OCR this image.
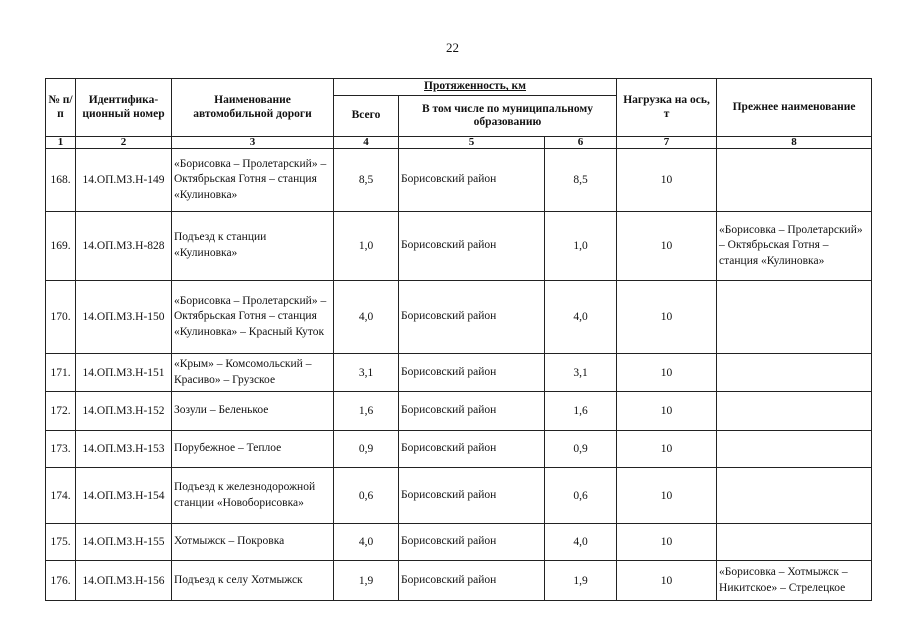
22
№ п/п	Идентифика-ционный номер	Наименование автомобильной дороги	Протяженность, км			Нагрузка на ось, т	Прежнее наименование
			Всего	В том числе по муниципальному образованию			
1	2	3	4	5	6	7	8
168.	14.ОП.МЗ.Н-149	«Борисовка – Пролетарский» – Октябрьская Готня – станция «Кулиновка»	8,5	Борисовский район	8,5	10	
169.	14.ОП.МЗ.Н-828	Подъезд к станции «Кулиновка»	1,0	Борисовский район	1,0	10	«Борисовка – Пролетарский» – Октябрьская Готня – станция «Кулиновка»
170.	14.ОП.МЗ.Н-150	«Борисовка – Пролетарский» – Октябрьская Готня – станция «Кулиновка» – Красный Куток	4,0	Борисовский район	4,0	10	
171.	14.ОП.МЗ.Н-151	«Крым» – Комсомольский – Красиво» – Грузское	3,1	Борисовский район	3,1	10	
172.	14.ОП.МЗ.Н-152	Зозули – Беленькое	1,6	Борисовский район	1,6	10	
173.	14.ОП.МЗ.Н-153	Порубежное – Теплое	0,9	Борисовский район	0,9	10	
174.	14.ОП.МЗ.Н-154	Подъезд к железнодорожной станции «Новоборисовка»	0,6	Борисовский район	0,6	10	
175.	14.ОП.МЗ.Н-155	Хотмыжск – Покровка	4,0	Борисовский район	4,0	10	
176.	14.ОП.МЗ.Н-156	Подъезд к селу Хотмыжск	1,9	Борисовский район	1,9	10	«Борисовка – Хотмыжск – Никитское» – Стрелецкое
